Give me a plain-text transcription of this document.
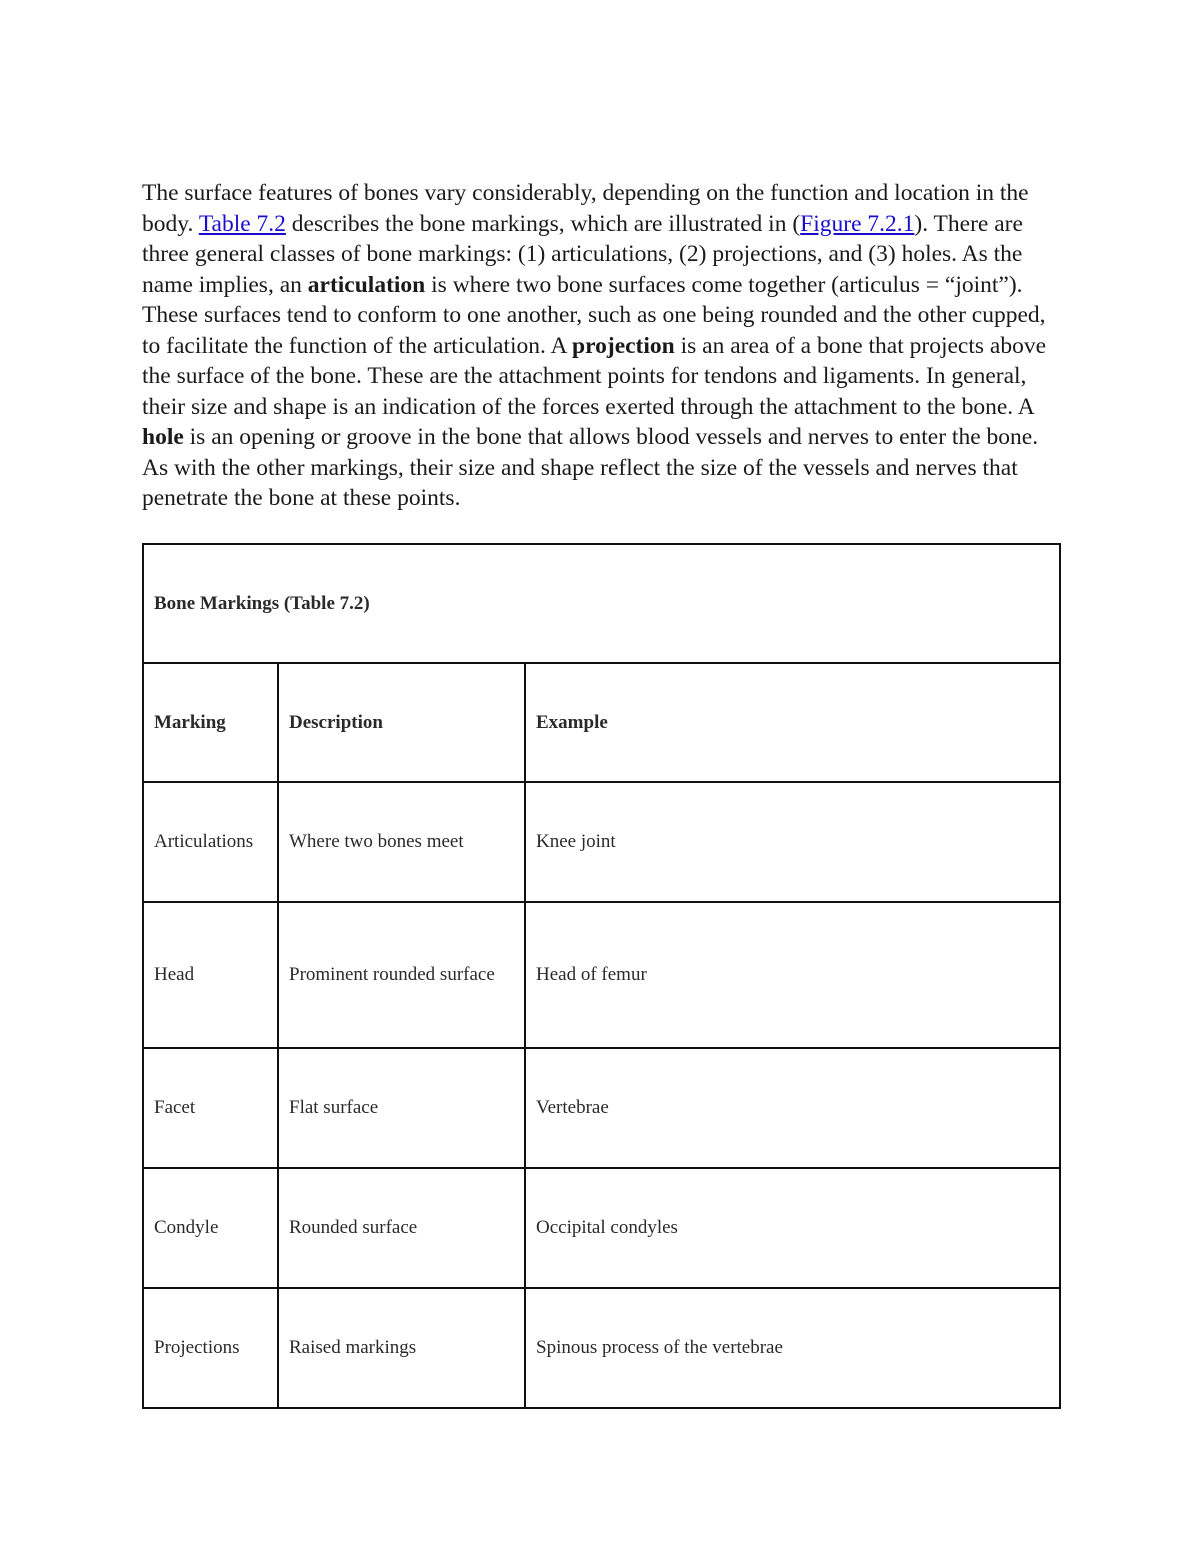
The surface features of bones vary considerably, depending on the function and location in the body. Table 7.2 describes the bone markings, which are illustrated in (Figure 7.2.1). There are three general classes of bone markings: (1) articulations, (2) projections, and (3) holes. As the name implies, an articulation is where two bone surfaces come together (articulus = “joint”). These surfaces tend to conform to one another, such as one being rounded and the other cupped, to facilitate the function of the articulation. A projection is an area of a bone that projects above the surface of the bone. These are the attachment points for tendons and ligaments. In general, their size and shape is an indication of the forces exerted through the attachment to the bone. A hole is an opening or groove in the bone that allows blood vessels and nerves to enter the bone. As with the other markings, their size and shape reflect the size of the vessels and nerves that penetrate the bone at these points.

Bone Markings (Table 7.2)		
Marking	Description	Example
Articulations	Where two bones meet	Knee joint
Head	Prominent rounded surface	Head of femur
Facet	Flat surface	Vertebrae
Condyle	Rounded surface	Occipital condyles
Projections	Raised markings	Spinous process of the vertebrae
